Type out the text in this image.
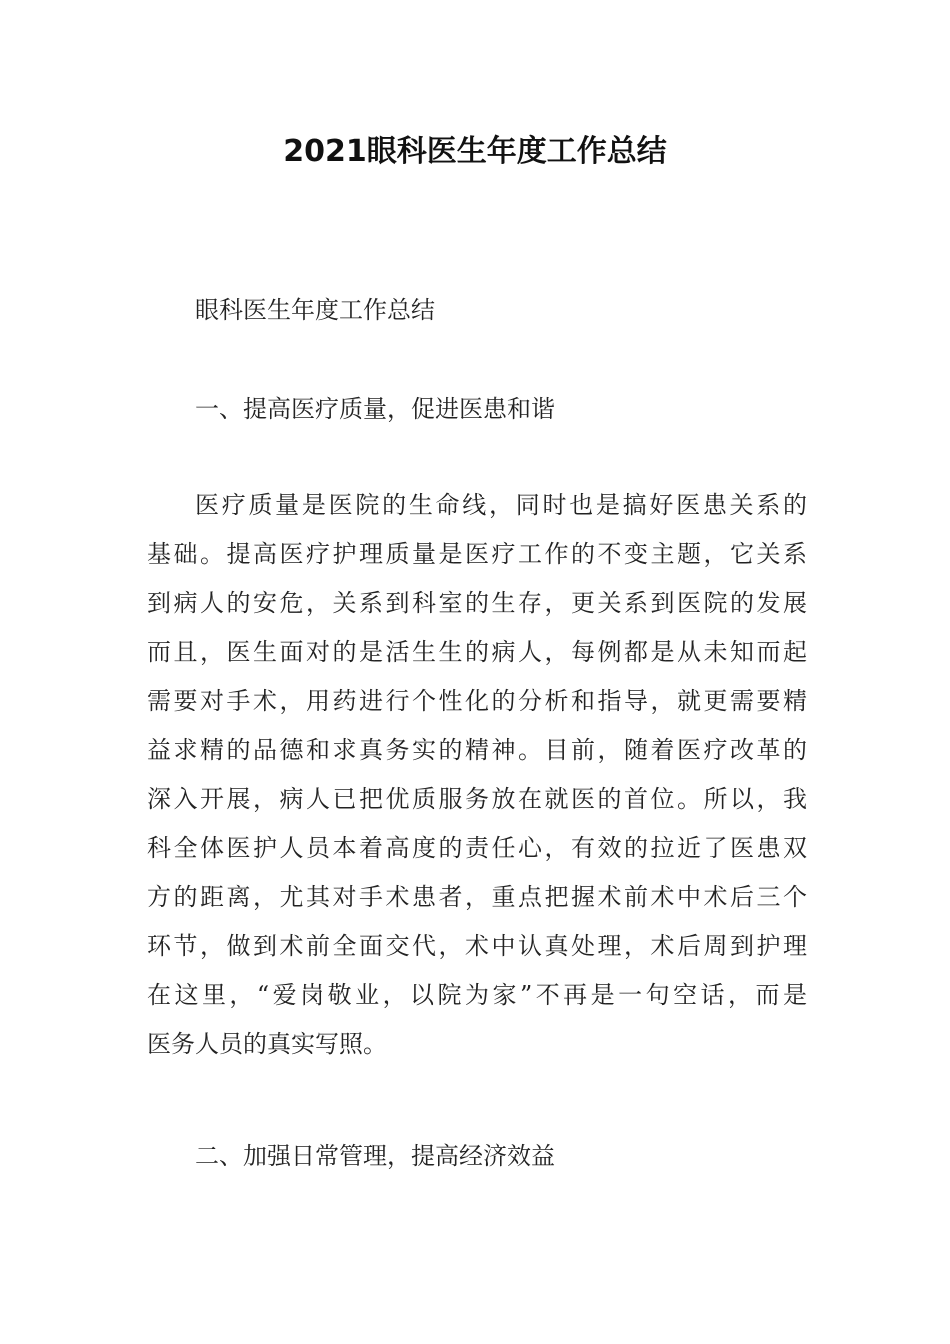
2021眼科医生年度工作总结

眼科医生年度工作总结

一、提高医疗质量，促进医患和谐

医疗质量是医院的生命线，同时也是搞好医患关系的
基础。提高医疗护理质量是医疗工作的不变主题，它关系
到病人的安危，关系到科室的生存，更关系到医院的发展
而且，医生面对的是活生生的病人，每例都是从未知而起
需要对手术，用药进行个性化的分析和指导，就更需要精
益求精的品德和求真务实的精神。目前，随着医疗改革的
深入开展，病人已把优质服务放在就医的首位。所以，我
科全体医护人员本着高度的责任心，有效的拉近了医患双
方的距离，尤其对手术患者，重点把握术前术中术后三个
环节，做到术前全面交代，术中认真处理，术后周到护理
在这里，“爱岗敬业，以院为家”不再是一句空话，而是
医务人员的真实写照。

二、加强日常管理，提高经济效益
